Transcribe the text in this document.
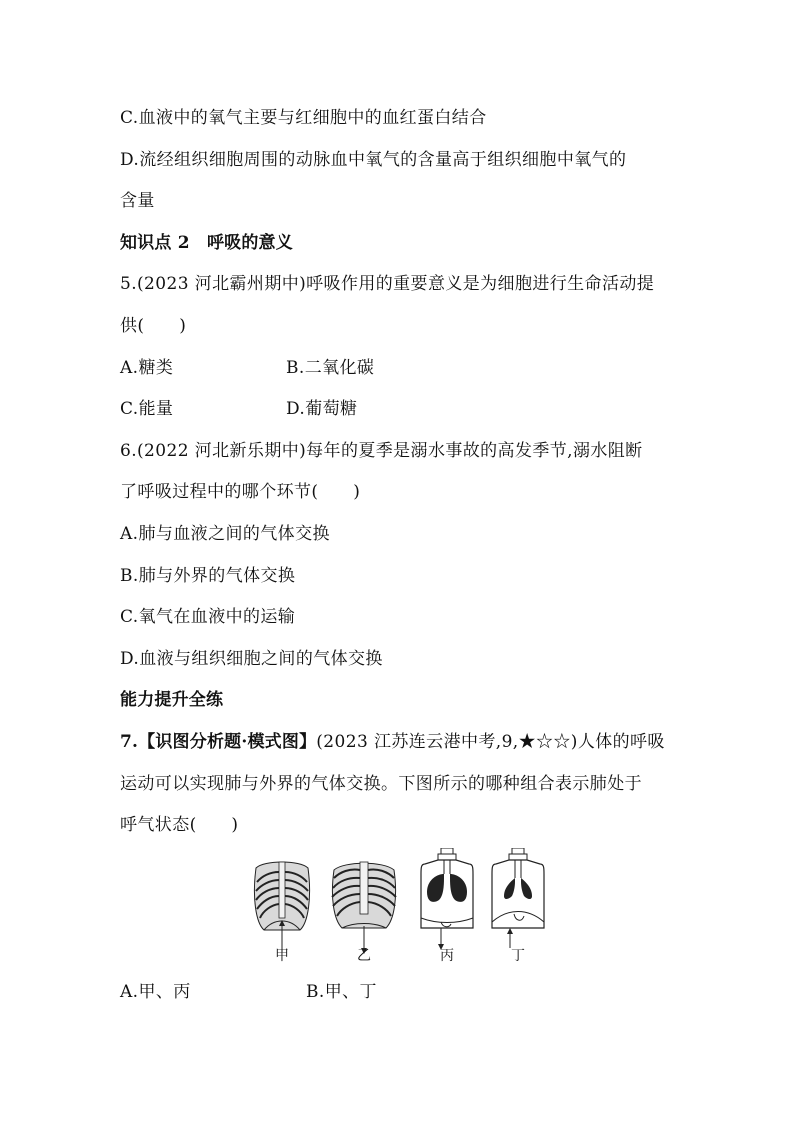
C.血液中的氧气主要与红细胞中的血红蛋白结合
D.流经组织细胞周围的动脉血中氧气的含量高于组织细胞中氧气的
含量
知识点 2　呼吸的意义
5.(2023 河北霸州期中)呼吸作用的重要意义是为细胞进行生命活动提
供(　　)
A.糖类	B.二氧化碳
C.能量	D.葡萄糖
6.(2022 河北新乐期中)每年的夏季是溺水事故的高发季节,溺水阻断
了呼吸过程中的哪个环节(　　)
A.肺与血液之间的气体交换
B.肺与外界的气体交换
C.氧气在血液中的运输
D.血液与组织细胞之间的气体交换
能力提升全练
7.【识图分析题·模式图】(2023 江苏连云港中考,9,★☆☆)人体的呼吸
运动可以实现肺与外界的气体交换。下图所示的哪种组合表示肺处于
呼气状态(　　)
甲	乙	丙	丁
A.甲、丙	B.甲、丁
